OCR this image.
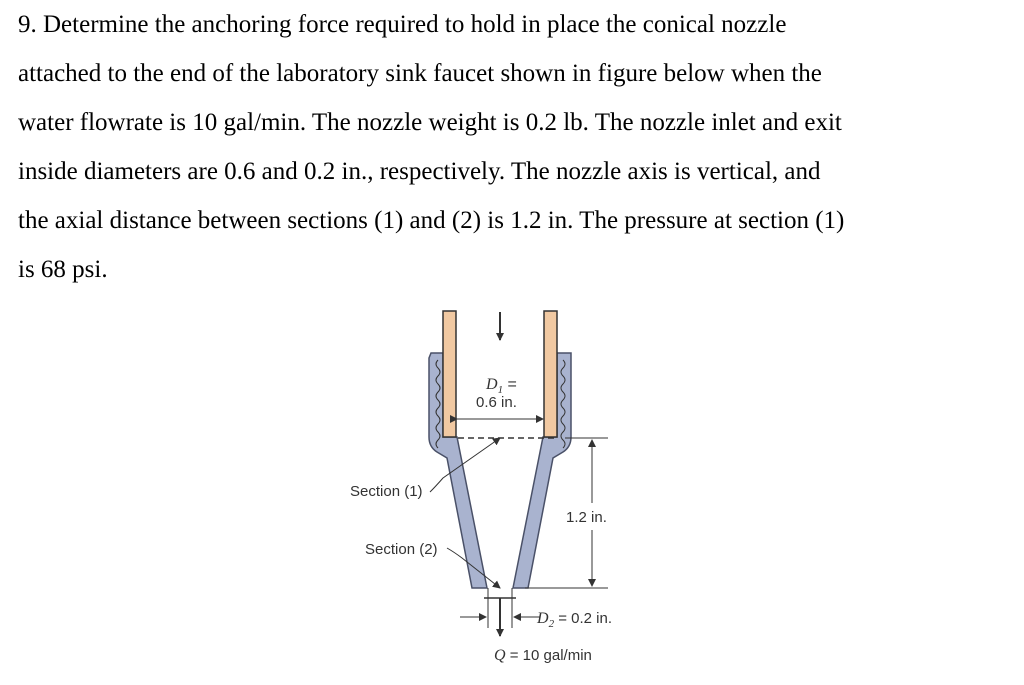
9. Determine the anchoring force required to hold in place the conical nozzle
attached to the end of the laboratory sink faucet shown in figure below when the
water flowrate is 10 gal/min. The nozzle weight is 0.2 lb. The nozzle inlet and exit
inside diameters are 0.6 and 0.2 in., respectively. The nozzle axis is vertical, and
the axial distance between sections (1) and (2) is 1.2 in. The pressure at section (1)
is 68 psi.
$D_1$ =
0.6 in.
Section (1)
Section (2)
1.2 in.
$D_2 = 0.2$ in.
Q = 10 gal/min
